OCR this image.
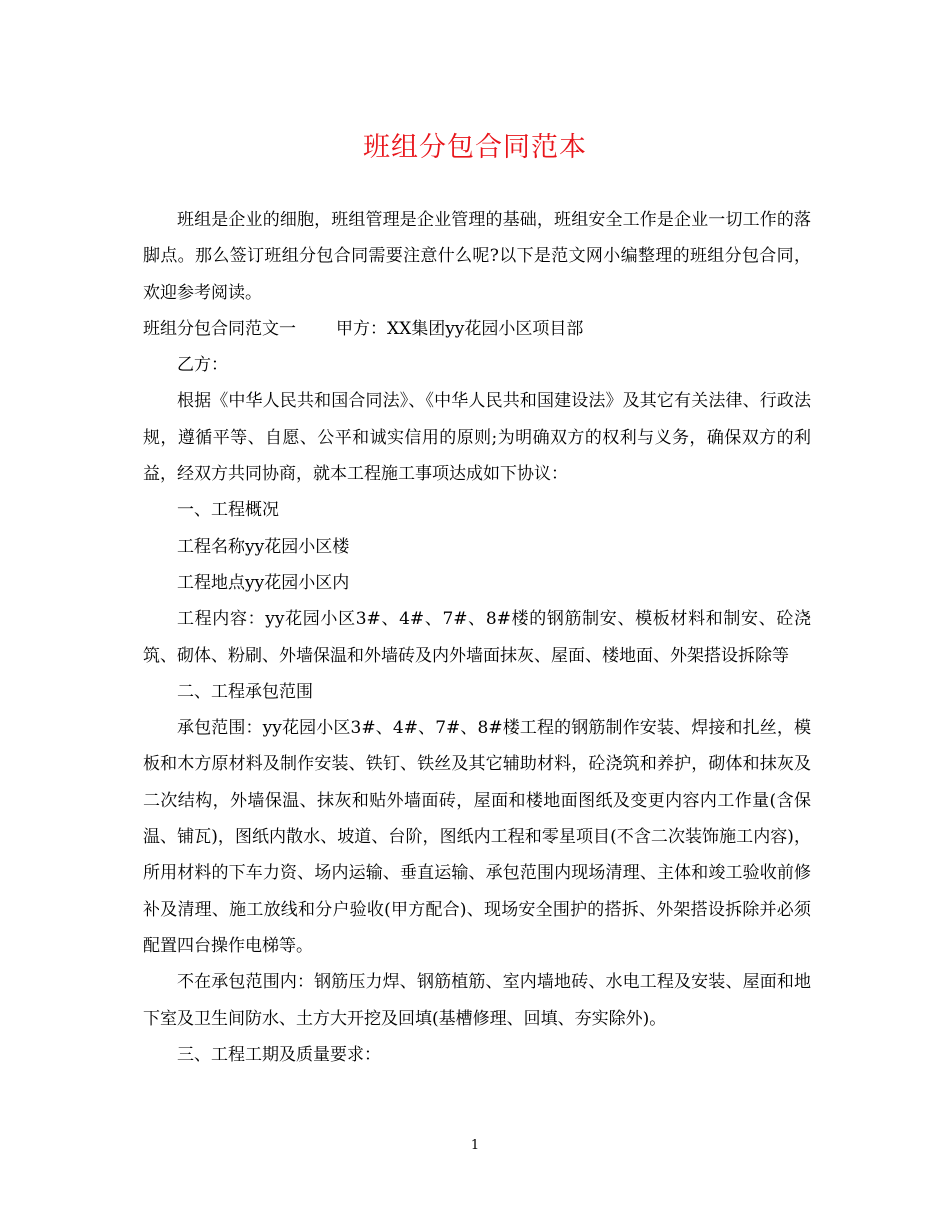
班组分包合同范本

班组是企业的细胞，班组管理是企业管理的基础，班组安全工作是企业一切工作的落脚点。那么签订班组分包合同需要注意什么呢?以下是范文网小编整理的班组分包合同，欢迎参考阅读。

班组分包合同范文一 甲方：XX集团yy花园小区项目部

乙方：

根据《中华人民共和国合同法》、《中华人民共和国建设法》及其它有关法律、行政法规，遵循平等、自愿、公平和诚实信用的原则;为明确双方的权利与义务，确保双方的利益，经双方共同协商，就本工程施工事项达成如下协议：

一、工程概况

工程名称yy花园小区楼

工程地点yy花园小区内

工程内容：yy花园小区3#、4#、7#、8#楼的钢筋制安、模板材料和制安、砼浇筑、砌体、粉刷、外墙保温和外墙砖及内外墙面抹灰、屋面、楼地面、外架搭设拆除等

二、工程承包范围

承包范围：yy花园小区3#、4#、7#、8#楼工程的钢筋制作安装、焊接和扎丝，模板和木方原材料及制作安装、铁钉、铁丝及其它辅助材料，砼浇筑和养护，砌体和抹灰及二次结构，外墙保温、抹灰和贴外墙面砖，屋面和楼地面图纸及变更内容内工作量(含保温、铺瓦)，图纸内散水、坡道、台阶，图纸内工程和零星项目(不含二次装饰施工内容)，所用材料的下车力资、场内运输、垂直运输、承包范围内现场清理、主体和竣工验收前修补及清理、施工放线和分户验收(甲方配合)、现场安全围护的搭拆、外架搭设拆除并必须配置四台操作电梯等。

不在承包范围内：钢筋压力焊、钢筋植筋、室内墙地砖、水电工程及安装、屋面和地下室及卫生间防水、土方大开挖及回填(基槽修理、回填、夯实除外)。

三、工程工期及质量要求：

1
